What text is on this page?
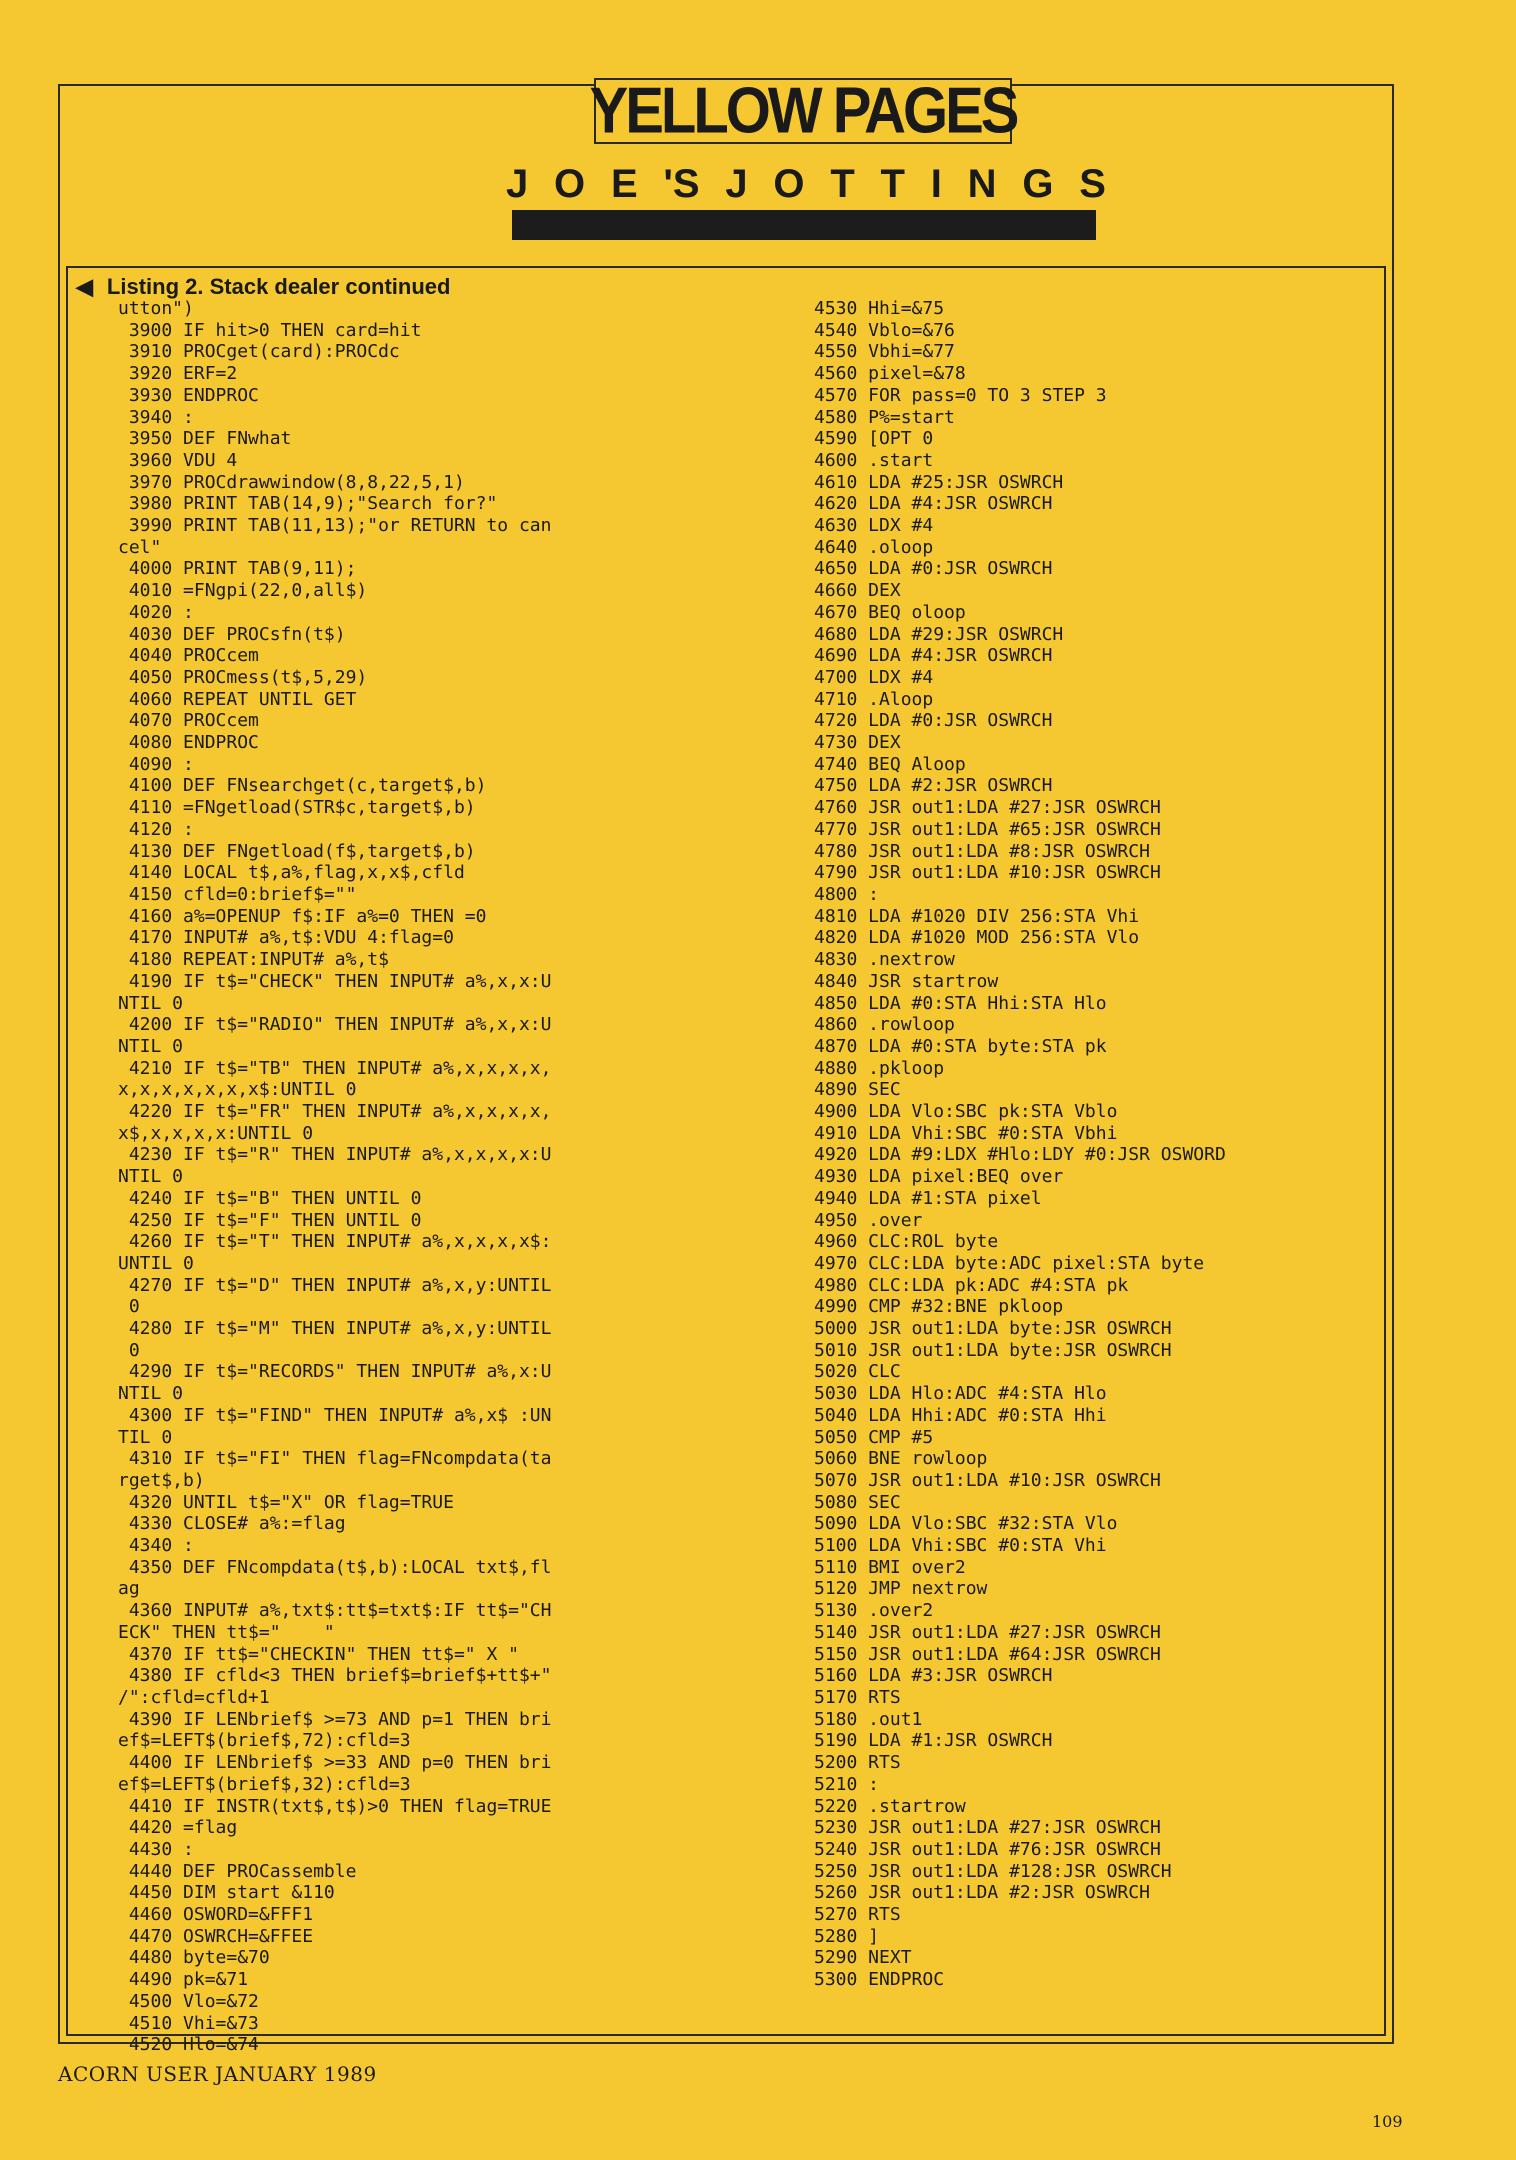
YELLOW PAGES
J O E 'S J O T T I N G S
◀ Listing 2. Stack dealer continued
utton")
3900 IF hit>0 THEN card=hit
3910 PROCget(card):PROCdc
3920 ERF=2
3930 ENDPROC
3940 :
3950 DEF FNwhat
3960 VDU 4
3970 PROCdrawwindow(8,8,22,5,1)
3980 PRINT TAB(14,9);"Search for?"
3990 PRINT TAB(11,13);"or RETURN to can
cel"
4000 PRINT TAB(9,11);
4010 =FNgpi(22,0,all$)
4020 :
4030 DEF PROCsfn(t$)
4040 PROCcem
4050 PROCmess(t$,5,29)
4060 REPEAT UNTIL GET
4070 PROCcem
4080 ENDPROC
4090 :
4100 DEF FNsearchget(c,target$,b)
4110 =FNgetload(STR$c,target$,b)
4120 :
4130 DEF FNgetload(f$,target$,b)
4140 LOCAL t$,a%,flag,x,x$,cfld
4150 cfld=0:brief$=""
4160 a%=OPENUP f$:IF a%=0 THEN =0
4170 INPUT# a%,t$:VDU 4:flag=0
4180 REPEAT:INPUT# a%,t$
4190 IF t$="CHECK" THEN INPUT# a%,x,x:U
NTIL 0
4200 IF t$="RADIO" THEN INPUT# a%,x,x:U
NTIL 0
4210 IF t$="TB" THEN INPUT# a%,x,x,x,x,
x,x,x,x,x,x,x$:UNTIL 0
4220 IF t$="FR" THEN INPUT# a%,x,x,x,x,
x$,x,x,x,x:UNTIL 0
4230 IF t$="R" THEN INPUT# a%,x,x,x,x:U
NTIL 0
4240 IF t$="B" THEN UNTIL 0
4250 IF t$="F" THEN UNTIL 0
4260 IF t$="T" THEN INPUT# a%,x,x,x,x$:
UNTIL 0
4270 IF t$="D" THEN INPUT# a%,x,y:UNTIL
0
4280 IF t$="M" THEN INPUT# a%,x,y:UNTIL
0
4290 IF t$="RECORDS" THEN INPUT# a%,x:U
NTIL 0
4300 IF t$="FIND" THEN INPUT# a%,x$ :UN
TIL 0
4310 IF t$="FI" THEN flag=FNcompdata(ta
rget$,b)
4320 UNTIL t$="X" OR flag=TRUE
4330 CLOSE# a%:=flag
4340 :
4350 DEF FNcompdata(t$,b):LOCAL txt$,fl
ag
4360 INPUT# a%,txt$:tt$=txt$:IF tt$="CH
ECK" THEN tt$="    "
4370 IF tt$="CHECKIN" THEN tt$=" X "
4380 IF cfld<3 THEN brief$=brief$+tt$+"
/":cfld=cfld+1
4390 IF LENbrief$ >=73 AND p=1 THEN bri
ef$=LEFT$(brief$,72):cfld=3
4400 IF LENbrief$ >=33 AND p=0 THEN bri
ef$=LEFT$(brief$,32):cfld=3
4410 IF INSTR(txt$,t$)>0 THEN flag=TRUE
4420 =flag
4430 :
4440 DEF PROCassemble
4450 DIM start &110
4460 OSWORD=&FFF1
4470 OSWRCH=&FFEE
4480 byte=&70
4490 pk=&71
4500 Vlo=&72
4510 Vhi=&73
4520 Hlo=&74
4530 Hhi=&75
4540 Vblo=&76
4550 Vbhi=&77
4560 pixel=&78
4570 FOR pass=0 TO 3 STEP 3
4580 P%=start
4590 [OPT 0
4600 .start
4610 LDA #25:JSR OSWRCH
4620 LDA #4:JSR OSWRCH
4630 LDX #4
4640 .oloop
4650 LDA #0:JSR OSWRCH
4660 DEX
4670 BEQ oloop
4680 LDA #29:JSR OSWRCH
4690 LDA #4:JSR OSWRCH
4700 LDX #4
4710 .Aloop
4720 LDA #0:JSR OSWRCH
4730 DEX
4740 BEQ Aloop
4750 LDA #2:JSR OSWRCH
4760 JSR out1:LDA #27:JSR OSWRCH
4770 JSR out1:LDA #65:JSR OSWRCH
4780 JSR out1:LDA #8:JSR OSWRCH
4790 JSR out1:LDA #10:JSR OSWRCH
4800 :
4810 LDA #1020 DIV 256:STA Vhi
4820 LDA #1020 MOD 256:STA Vlo
4830 .nextrow
4840 JSR startrow
4850 LDA #0:STA Hhi:STA Hlo
4860 .rowloop
4870 LDA #0:STA byte:STA pk
4880 .pkloop
4890 SEC
4900 LDA Vlo:SBC pk:STA Vblo
4910 LDA Vhi:SBC #0:STA Vbhi
4920 LDA #9:LDX #Hlo:LDY #0:JSR OSWORD
4930 LDA pixel:BEQ over
4940 LDA #1:STA pixel
4950 .over
4960 CLC:ROL byte
4970 CLC:LDA byte:ADC pixel:STA byte
4980 CLC:LDA pk:ADC #4:STA pk
4990 CMP #32:BNE pkloop
5000 JSR out1:LDA byte:JSR OSWRCH
5010 JSR out1:LDA byte:JSR OSWRCH
5020 CLC
5030 LDA Hlo:ADC #4:STA Hlo
5040 LDA Hhi:ADC #0:STA Hhi
5050 CMP #5
5060 BNE rowloop
5070 JSR out1:LDA #10:JSR OSWRCH
5080 SEC
5090 LDA Vlo:SBC #32:STA Vlo
5100 LDA Vhi:SBC #0:STA Vhi
5110 BMI over2
5120 JMP nextrow
5130 .over2
5140 JSR out1:LDA #27:JSR OSWRCH
5150 JSR out1:LDA #64:JSR OSWRCH
5160 LDA #3:JSR OSWRCH
5170 RTS
5180 .out1
5190 LDA #1:JSR OSWRCH
5200 RTS
5210 :
5220 .startrow
5230 JSR out1:LDA #27:JSR OSWRCH
5240 JSR out1:LDA #76:JSR OSWRCH
5250 JSR out1:LDA #128:JSR OSWRCH
5260 JSR out1:LDA #2:JSR OSWRCH
5270 RTS
5280 ]
5290 NEXT
5300 ENDPROC
ACORN USER JANUARY 1989
109
